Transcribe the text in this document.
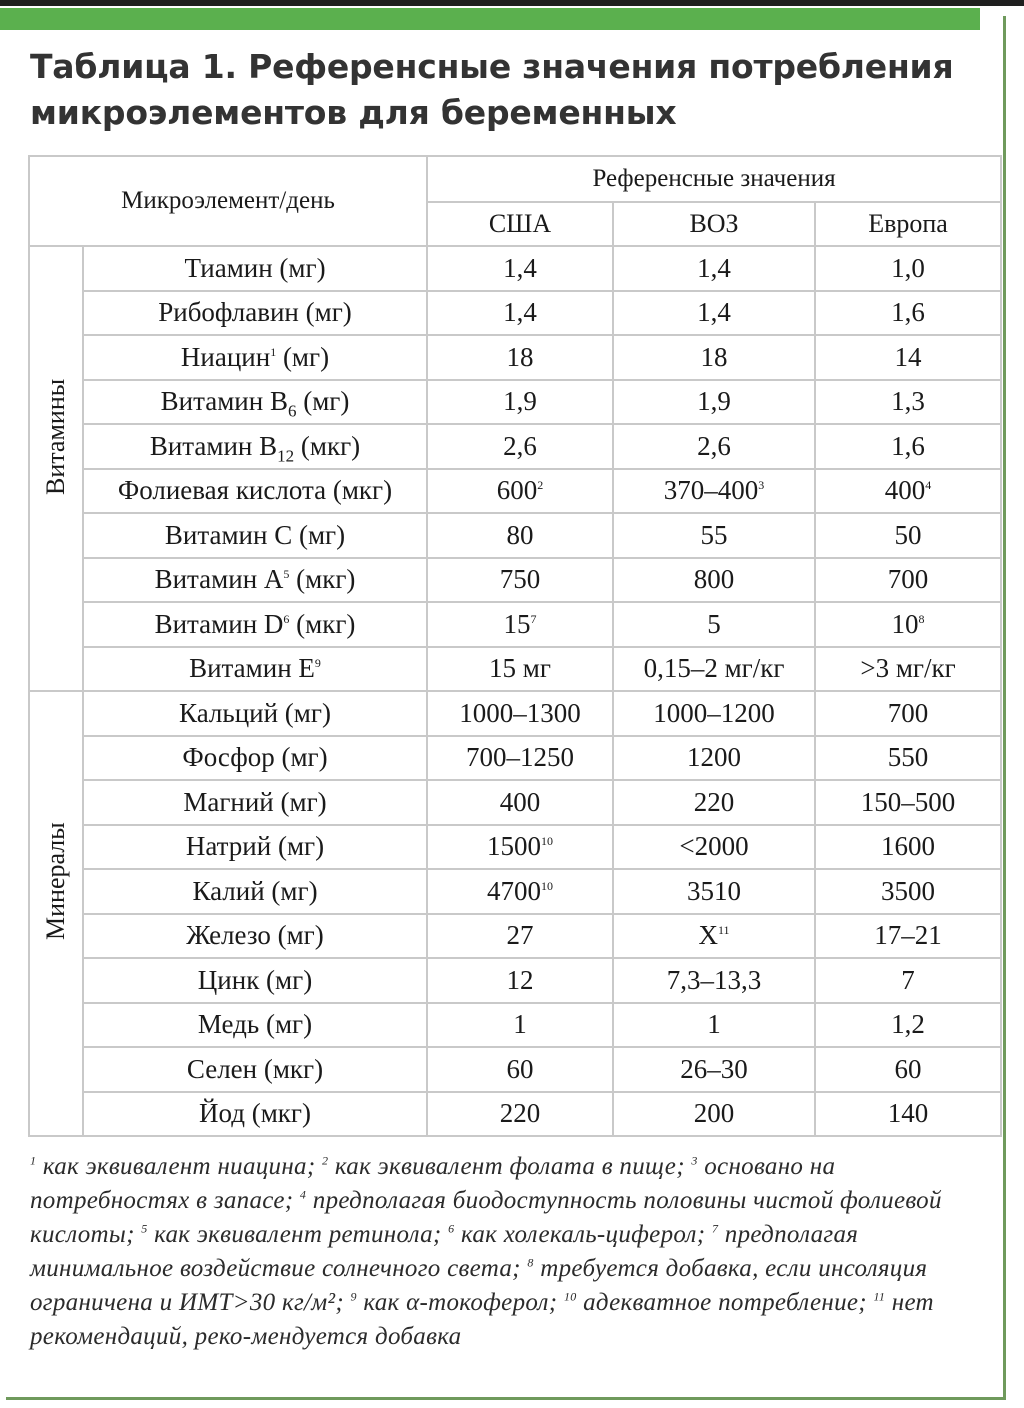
Таблица 1. Референсные значения потребления микроэлементов для беременных
Микроэлемент/день		Референсные значения		
		США	ВОЗ	Европа

Витамины	Тиамин (мг)	1,4	1,4	1,0
	Рибофлавин (мг)	1,4	1,4	1,6
	Ниацин$^1$ (мг)	18	18	14
	Витамин $B_6$ (мг)	1,9	1,9	1,3
	Витамин $B_{12}$ (мкг)	2,6	2,6	1,6
	Фолиевая кислота (мкг)	$600^2$	$370-400^3$	$400^4$
	Витамин С (мг)	80	55	50
	Витамин $A^5$ (мкг)	750	800	700
	Витамин $D^6$ (мкг)	$15^7$	5	$10^8$
	Витамин $E^9$	15 мг	0,15–2 мг/кг	>3 мг/кг

Минералы	Кальций (мг)	1000–1300	1000–1200	700
	Фосфор (мг)	700–1250	1200	550
	Магний (мг)	400	220	150–500
	Натрий (мг)	$1500^{10}$	<2000	1600
	Калий (мг)	4700$^{10}$	3510	3500
	Железо (мг)	27	$X^{11}$	17–21
	Цинк (мг)	12	7,3–13,3	7
	Медь (мг)	1	1	1,2
	Селен (мкг)	60	26–30	60
	Йод (мкг)	220	200	140

$^1$ как эквивалент ниацина; $^2$ как эквивалент фолата в пище; $^3$ основано на потребностях в запасе; $^4$ предполагая биодоступность половины чистой фолиевой кислоты; $^5$ как эквивалент ретинола; $^6$ как холекаль-циферол; $^7$ предполагая минимальное воздействие солнечного света; $^8$ требуется добавка, если инсоляция ограничена и ИМТ>30 кг/м²; $^9$ как α-токоферол; $^{10}$ адекватное потребление; $^{11}$ нет рекомендаций, реко-мендуется добавка
